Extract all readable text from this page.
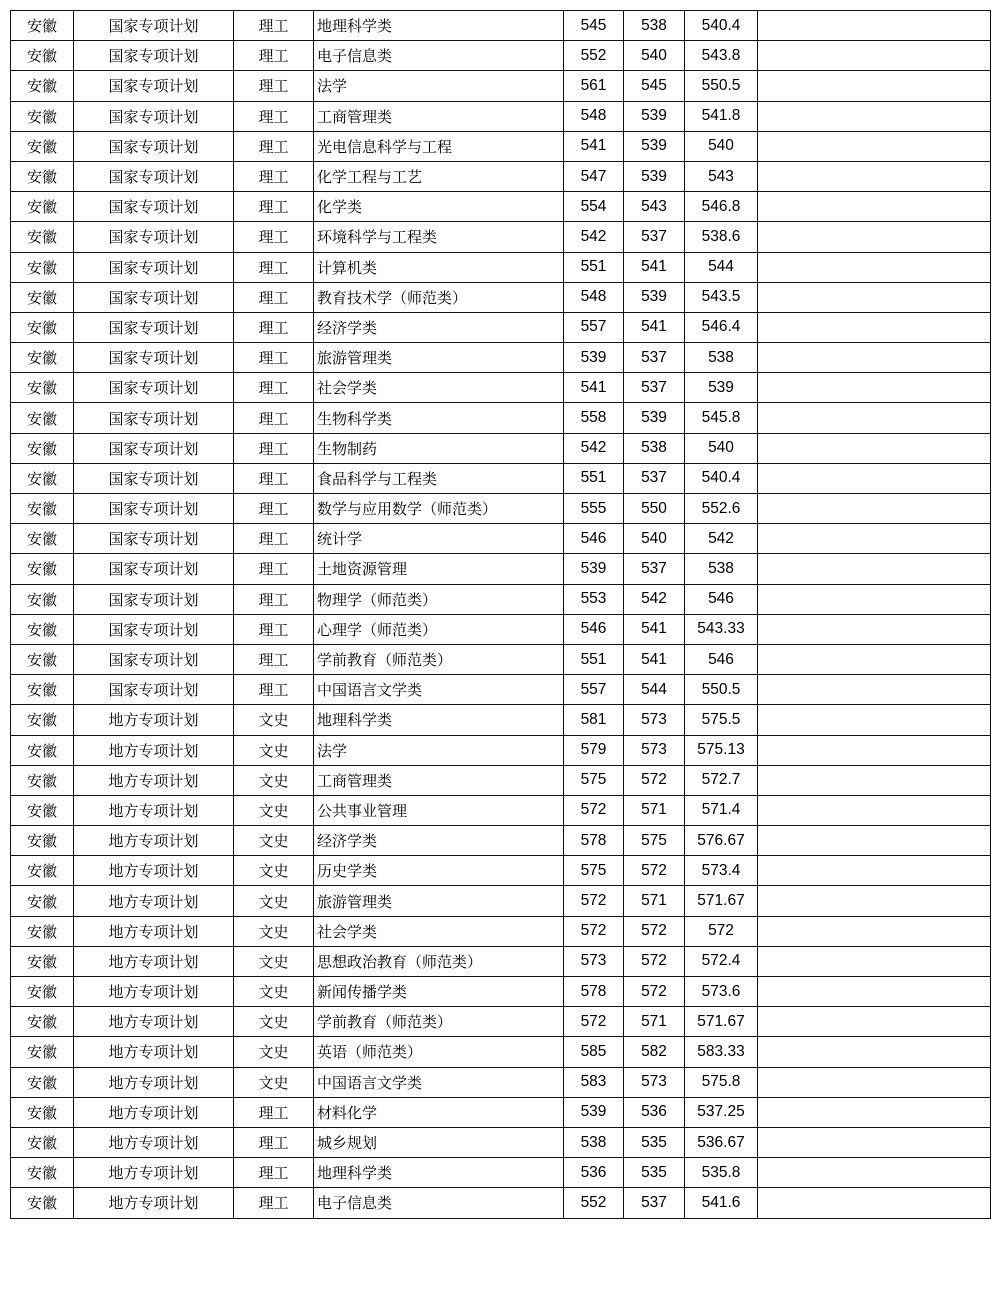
安徽	国家专项计划	理工	地理科学类	545	538	540.4	
安徽	国家专项计划	理工	电子信息类	552	540	543.8	
安徽	国家专项计划	理工	法学	561	545	550.5	
安徽	国家专项计划	理工	工商管理类	548	539	541.8	
安徽	国家专项计划	理工	光电信息科学与工程	541	539	540	
安徽	国家专项计划	理工	化学工程与工艺	547	539	543	
安徽	国家专项计划	理工	化学类	554	543	546.8	
安徽	国家专项计划	理工	环境科学与工程类	542	537	538.6	
安徽	国家专项计划	理工	计算机类	551	541	544	
安徽	国家专项计划	理工	教育技术学（师范类）	548	539	543.5	
安徽	国家专项计划	理工	经济学类	557	541	546.4	
安徽	国家专项计划	理工	旅游管理类	539	537	538	
安徽	国家专项计划	理工	社会学类	541	537	539	
安徽	国家专项计划	理工	生物科学类	558	539	545.8	
安徽	国家专项计划	理工	生物制药	542	538	540	
安徽	国家专项计划	理工	食品科学与工程类	551	537	540.4	
安徽	国家专项计划	理工	数学与应用数学（师范类）	555	550	552.6	
安徽	国家专项计划	理工	统计学	546	540	542	
安徽	国家专项计划	理工	土地资源管理	539	537	538	
安徽	国家专项计划	理工	物理学（师范类）	553	542	546	
安徽	国家专项计划	理工	心理学（师范类）	546	541	543.33	
安徽	国家专项计划	理工	学前教育（师范类）	551	541	546	
安徽	国家专项计划	理工	中国语言文学类	557	544	550.5	
安徽	地方专项计划	文史	地理科学类	581	573	575.5	
安徽	地方专项计划	文史	法学	579	573	575.13	
安徽	地方专项计划	文史	工商管理类	575	572	572.7	
安徽	地方专项计划	文史	公共事业管理	572	571	571.4	
安徽	地方专项计划	文史	经济学类	578	575	576.67	
安徽	地方专项计划	文史	历史学类	575	572	573.4	
安徽	地方专项计划	文史	旅游管理类	572	571	571.67	
安徽	地方专项计划	文史	社会学类	572	572	572	
安徽	地方专项计划	文史	思想政治教育（师范类）	573	572	572.4	
安徽	地方专项计划	文史	新闻传播学类	578	572	573.6	
安徽	地方专项计划	文史	学前教育（师范类）	572	571	571.67	
安徽	地方专项计划	文史	英语（师范类）	585	582	583.33	
安徽	地方专项计划	文史	中国语言文学类	583	573	575.8	
安徽	地方专项计划	理工	材料化学	539	536	537.25	
安徽	地方专项计划	理工	城乡规划	538	535	536.67	
安徽	地方专项计划	理工	地理科学类	536	535	535.8	
安徽	地方专项计划	理工	电子信息类	552	537	541.6	
